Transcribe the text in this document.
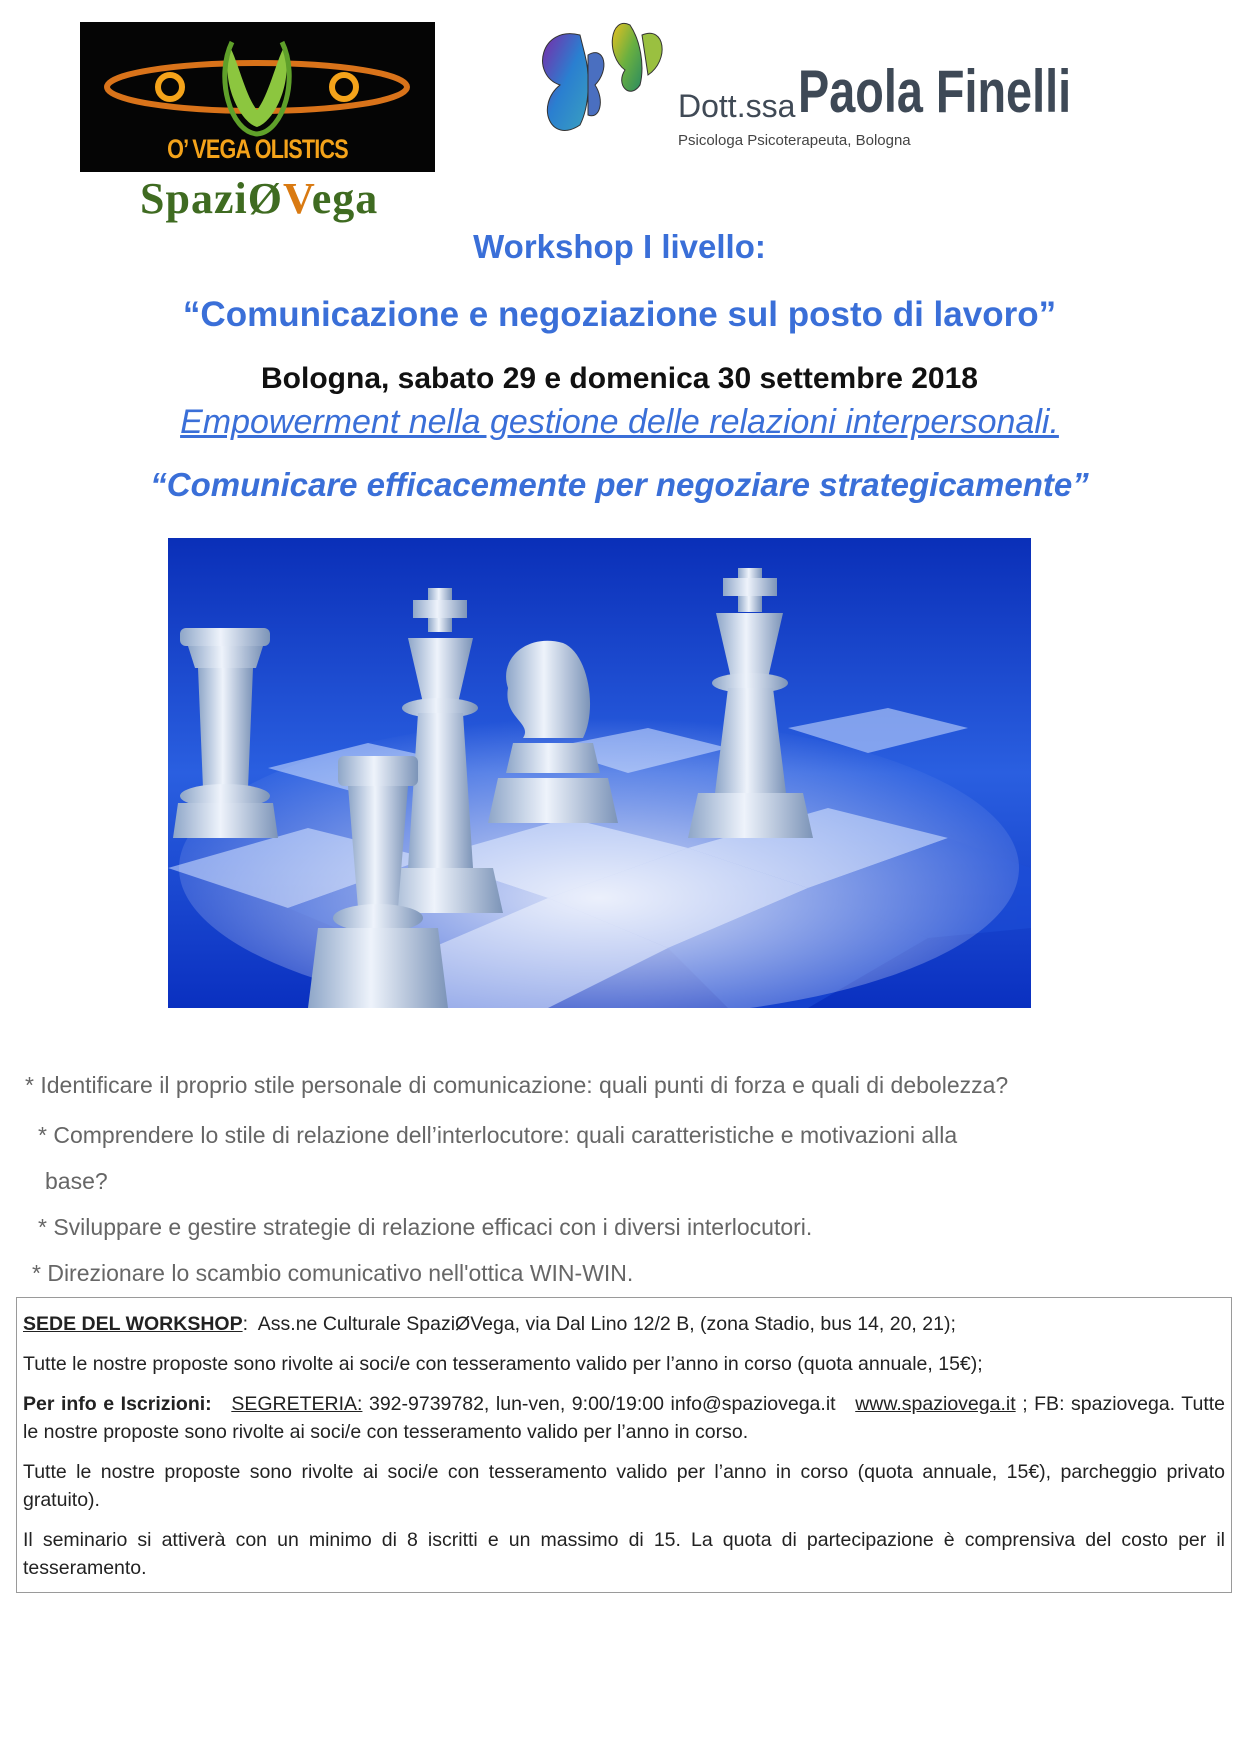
O’ VEGA OLISTICS
SpaziØVega
Dott.ssa Paola Finelli
Psicologa Psicoterapeuta, Bologna
Workshop I livello:
“Comunicazione e negoziazione sul posto di lavoro”
Bologna, sabato 29 e domenica 30 settembre 2018
Empowerment nella gestione delle relazioni interpersonali.
“Comunicare efficacemente per negoziare strategicamente”
* Identificare il proprio stile personale di comunicazione: quali punti di forza e quali di debolezza?
* Comprendere lo stile di relazione dell’interlocutore: quali caratteristiche e motivazioni alla
base?
* Sviluppare e gestire strategie di relazione efficaci con i diversi interlocutori.
* Direzionare lo scambio comunicativo nell'ottica WIN-WIN.

SEDE DEL WORKSHOP: Ass.ne Culturale SpaziØVega, via Dal Lino 12/2 B, (zona Stadio, bus 14, 20, 21);

Tutte le nostre proposte sono rivolte ai soci/e con tesseramento valido per l’anno in corso (quota annuale, 15€);

Per info e Iscrizioni: SEGRETERIA: 392-9739782, lun-ven, 9:00/19:00 info@spaziovega.it www.spaziovega.it ; FB: spaziovega. Tutte le nostre proposte sono rivolte ai soci/e con tesseramento valido per l’anno in corso.

Tutte le nostre proposte sono rivolte ai soci/e con tesseramento valido per l’anno in corso (quota annuale, 15€), parcheggio privato gratuito).

Il seminario si attiverà con un minimo di 8 iscritti e un massimo di 15. La quota di partecipazione è comprensiva del costo per il tesseramento.
